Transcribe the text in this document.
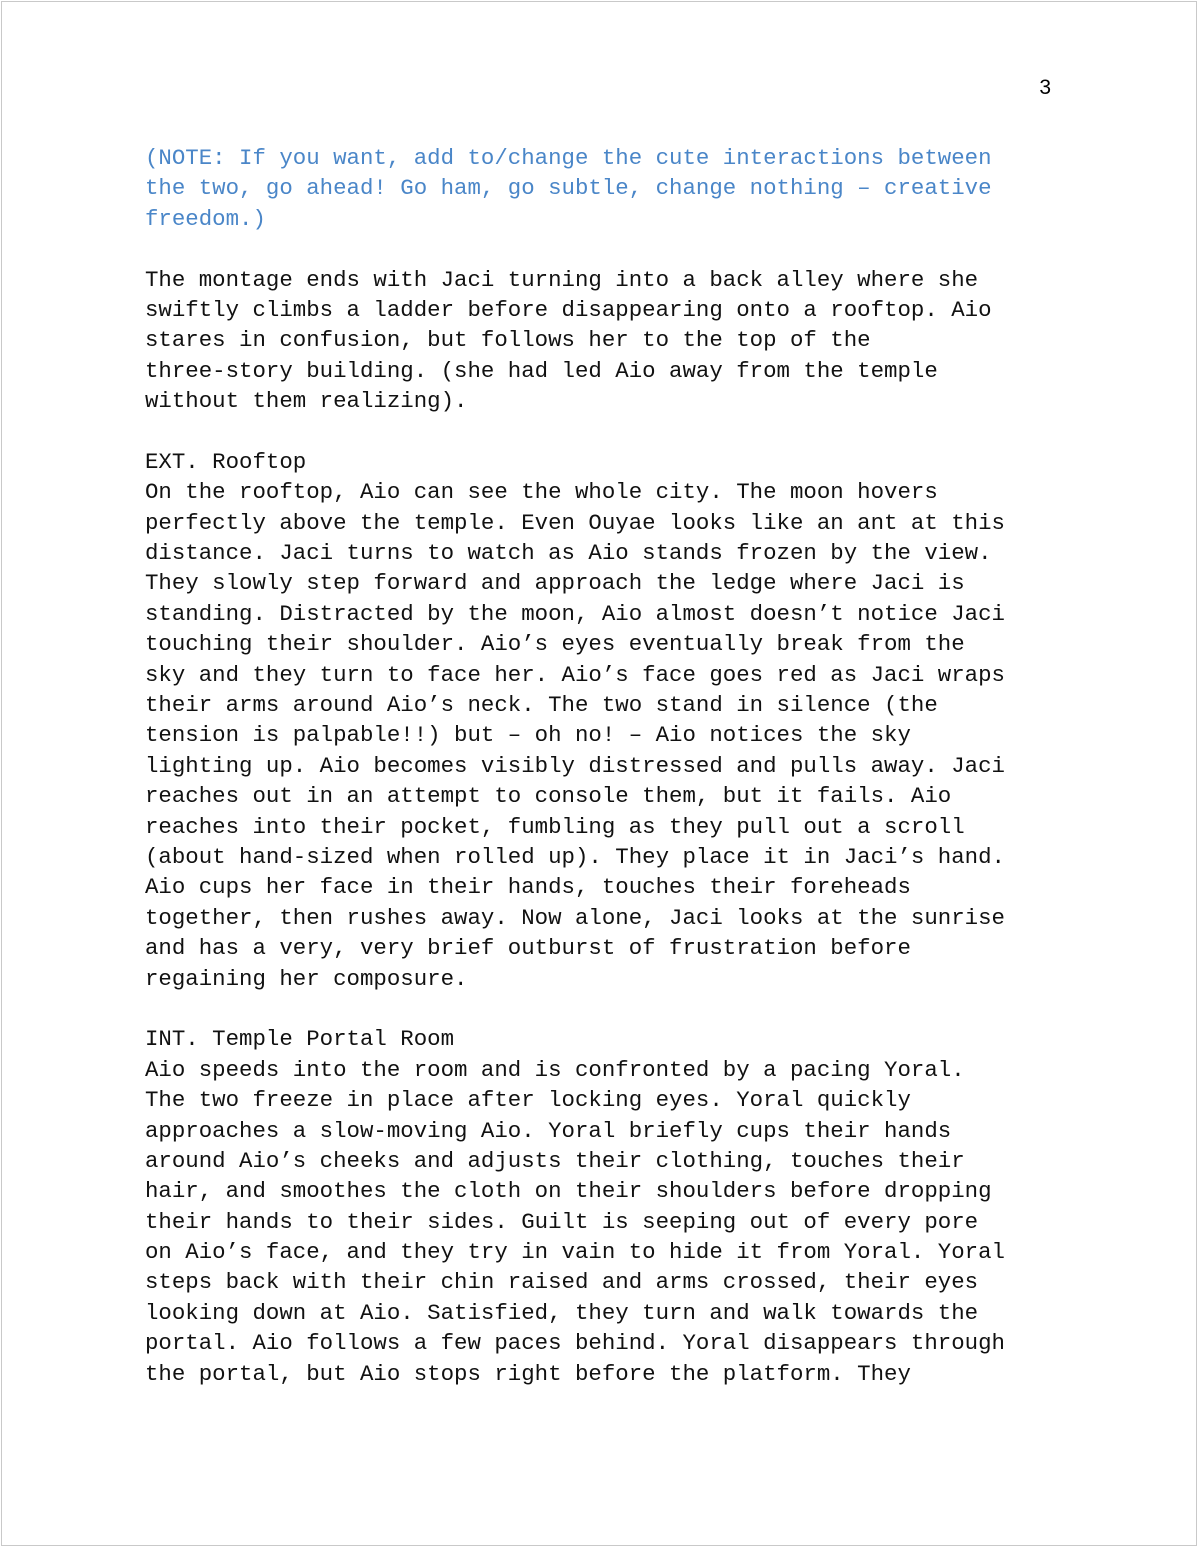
3
(NOTE: If you want, add to/change the cute interactions between
the two, go ahead! Go ham, go subtle, change nothing – creative
freedom.)
The montage ends with Jaci turning into a back alley where she
swiftly climbs a ladder before disappearing onto a rooftop. Aio
stares in confusion, but follows her to the top of the
three-story building. (she had led Aio away from the temple
without them realizing).
EXT. Rooftop
On the rooftop, Aio can see the whole city. The moon hovers
perfectly above the temple. Even Ouyae looks like an ant at this
distance. Jaci turns to watch as Aio stands frozen by the view.
They slowly step forward and approach the ledge where Jaci is
standing. Distracted by the moon, Aio almost doesn’t notice Jaci
touching their shoulder. Aio’s eyes eventually break from the
sky and they turn to face her. Aio’s face goes red as Jaci wraps
their arms around Aio’s neck. The two stand in silence (the
tension is palpable!!) but – oh no! – Aio notices the sky
lighting up. Aio becomes visibly distressed and pulls away. Jaci
reaches out in an attempt to console them, but it fails. Aio
reaches into their pocket, fumbling as they pull out a scroll
(about hand-sized when rolled up). They place it in Jaci’s hand.
Aio cups her face in their hands, touches their foreheads
together, then rushes away. Now alone, Jaci looks at the sunrise
and has a very, very brief outburst of frustration before
regaining her composure.
INT. Temple Portal Room
Aio speeds into the room and is confronted by a pacing Yoral.
The two freeze in place after locking eyes. Yoral quickly
approaches a slow-moving Aio. Yoral briefly cups their hands
around Aio’s cheeks and adjusts their clothing, touches their
hair, and smoothes the cloth on their shoulders before dropping
their hands to their sides. Guilt is seeping out of every pore
on Aio’s face, and they try in vain to hide it from Yoral. Yoral
steps back with their chin raised and arms crossed, their eyes
looking down at Aio. Satisfied, they turn and walk towards the
portal. Aio follows a few paces behind. Yoral disappears through
the portal, but Aio stops right before the platform. They
